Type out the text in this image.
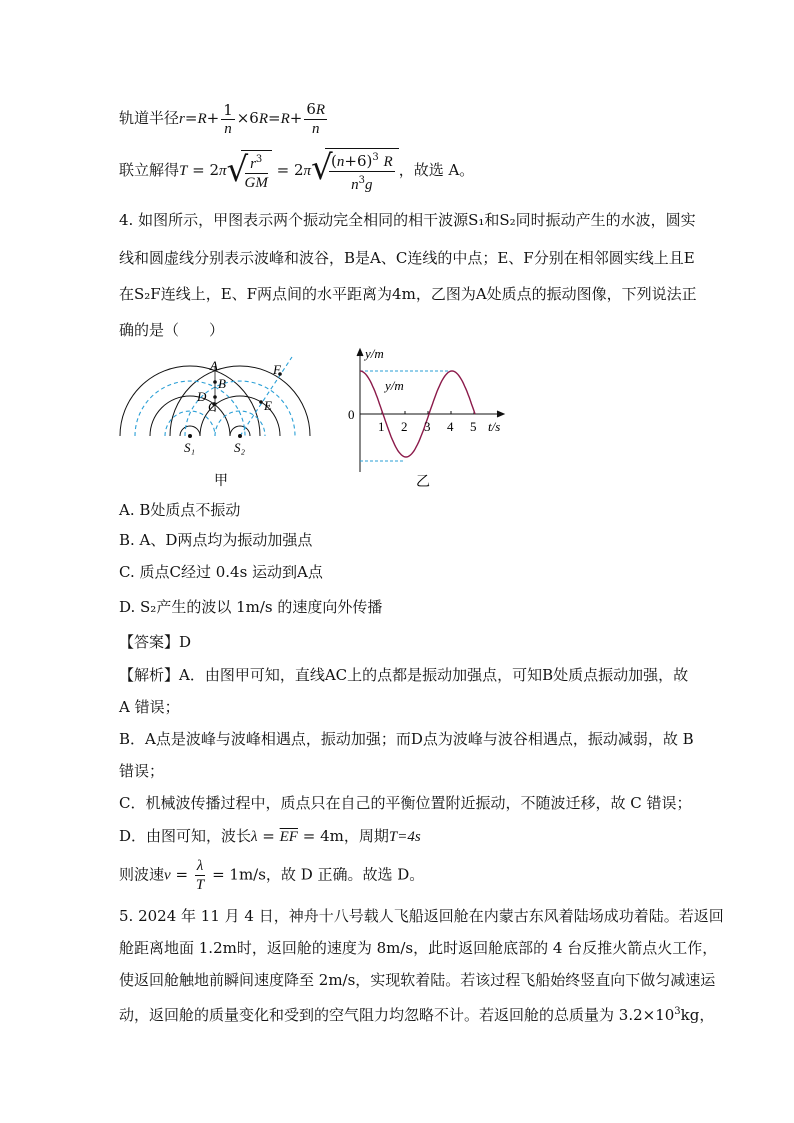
轨道半径$r=R+ \frac{1}{n} \times 6R=R+ \frac{6R}{n}$
联立解得T = 2π √
$\frac{r^3}{GM} = 2\pi$ √
$\frac{(n+6)^3 R}{n^3g}$ ，故选 A。
4. 如图所示，甲图表示两个振动完全相同的相干波源S₁和S₂同时振动产生的水波，圆实
线和圆虚线分别表示波峰和波谷，B是A、C连线的中点；E、F分别在相邻圆实线上且E
在S₂F连线上，E、F两点间的水平距离为4m，乙图为A处质点的振动图像，下列说法正
确的是（　　）
A
B
D
C	E
F
S₁	S₂
甲
y/m
y/m
0
1 2 3 4 5 t/s
乙
A. B处质点不振动
B. A、D两点均为振动加强点
C. 质点C经过 0.4s 运动到A点
D. S₂产生的波以 1m/s 的速度向外传播
【答案】D
【解析】A．由图甲可知，直线AC上的点都是振动加强点，可知B处质点振动加强，故
A 错误；
B．A点是波峰与波峰相遇点，振动加强；而D点为波峰与波谷相遇点，振动减弱，故 B
错误；
C．机械波传播过程中，质点只在自己的平衡位置附近振动，不随波迁移，故 C 错误；
D．由图可知，波长$\lambda = \overline{EF} = 4m$，周期T=4s
则波速$v = \frac{\lambda}{T} = 1m/s$，故 D 正确。故选 D。
5. 2024 年 11 月 4 日，神舟十八号载人飞船返回舱在内蒙古东风着陆场成功着陆。若返回
舱距离地面 1.2m时，返回舱的速度为 8m/s，此时返回舱底部的 4 台反推火箭点火工作，
使返回舱触地前瞬间速度降至 2m/s，实现软着陆。若该过程飞船始终竖直向下做匀减速运
动，返回舱的质量变化和受到的空气阻力均忽略不计。若返回舱的总质量为 $3.2\times 10^3kg$，
